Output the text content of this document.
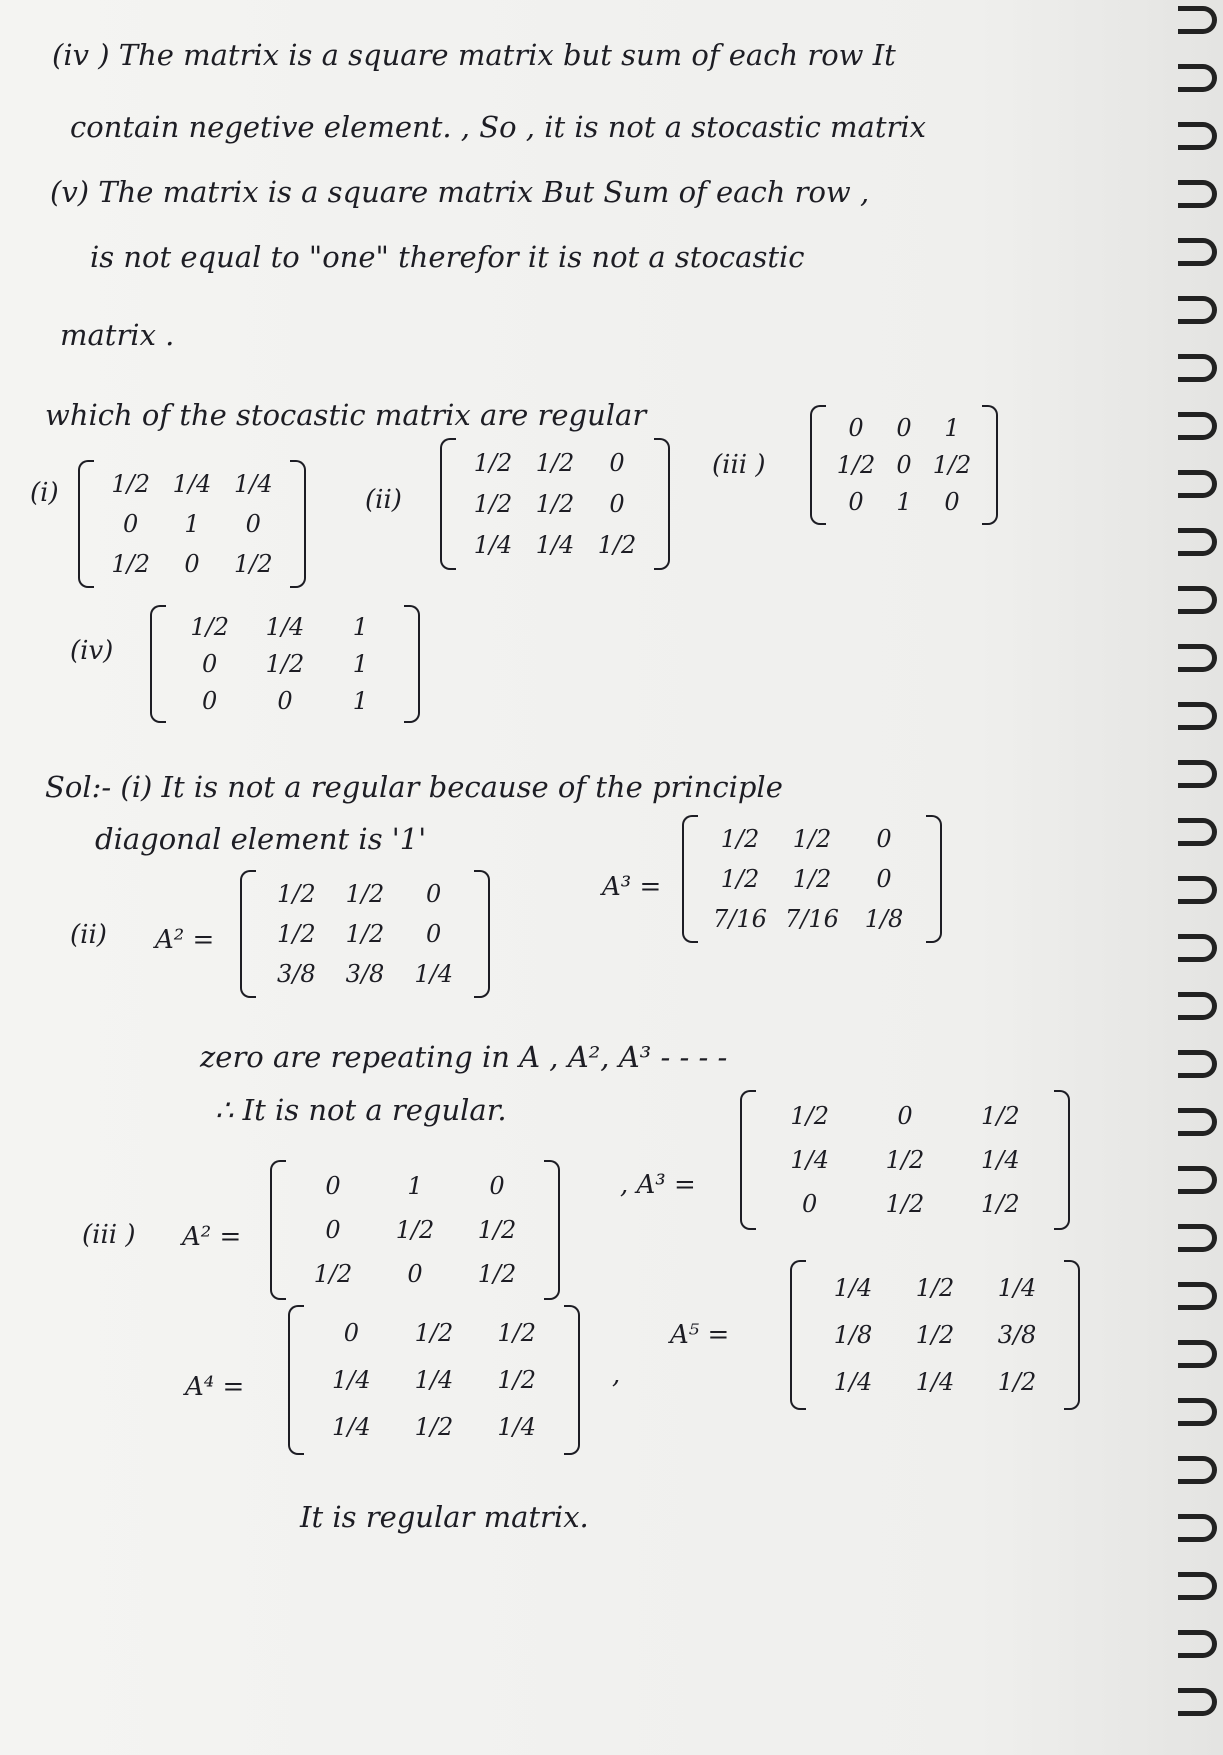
(iv ) The matrix is a square matrix but sum of each row It
contain negetive element. , So , it is not a stocastic matrix
(v) The matrix is a square matrix But Sum of each row ,
is not equal to "one" therefor it is not a stocastic
matrix .
which of the stocastic matrix are regular
(i)	1/2 1/4 1/4
0	1	0
1/2	0	1/2
(ii)
1/2 1/2	0
1/2 1/2	0
1/4 1/4 1/2
(iii )
0	0	1
1/2 0 1/2
0	1	0
(iv)
1/2	1/4	1
0	1/2	1
0	0	1
Sol:- (i) It is not a regular because of the principle
diagonal element is '1'
(ii) A² =
1/2	1/2	0
1/2	1/2	0
3/8	3/8	1/4
A³ =
1/2	1/2	0
1/2	1/2	0
7/16 7/16	1/8
zero are repeating in A , A², A³ - - - -
∴ It is not a regular.
(iii ) A² =
0	1	0
0	1/2	1/2
1/2	0	1/2
, A³ =
1/2	0	1/2
1/4	1/2	1/4
0	1/2	1/2
A⁴ =
0	1/2	1/2
1/4	1/4	1/2
1/4	1/2	1/4
,
A⁵ =
1/4	1/2	1/4
1/8	1/2	3/8
1/4	1/4	1/2
It is regular matrix.
